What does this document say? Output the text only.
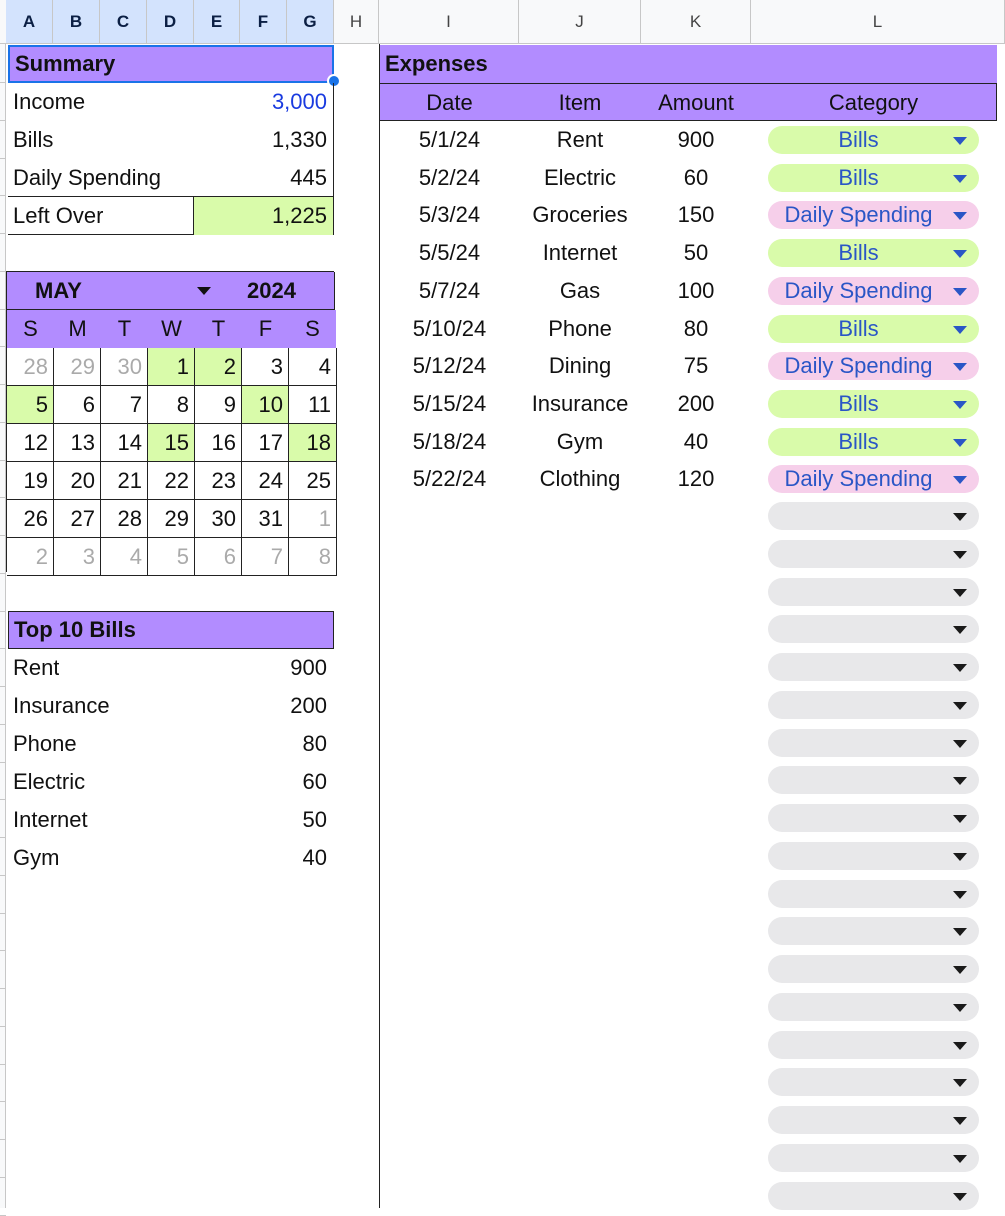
A	B	C	D	E	F	G	H	I	J	K	L
Summary
Income	3,000
Bills	1,330
Daily Spending	445
Left Over	1,225
MAY	2024
S	M	T	W	T	F	S
28	29	30	1	2	3	4
5	6	7	8	9	10	11
12	13	14	15	16	17	18
19	20	21	22	23	24	25
26	27	28	29	30	31	1
2	3	4	5	6	7	8
Top 10 Bills
Rent	900
Insurance	200
Phone	80
Electric	60
Internet	50
Gym	40
Expenses
Date	Item	Amount	Category
5/1/24	Rent	900	Bills
5/2/24	Electric	60	Bills
5/3/24	Groceries	150	Daily Spending
5/5/24	Internet	50	Bills
5/7/24	Gas	100	Daily Spending
5/10/24	Phone	80	Bills
5/12/24	Dining	75	Daily Spending
5/15/24	Insurance	200	Bills
5/18/24	Gym	40	Bills
5/22/24	Clothing	120	Daily Spending
